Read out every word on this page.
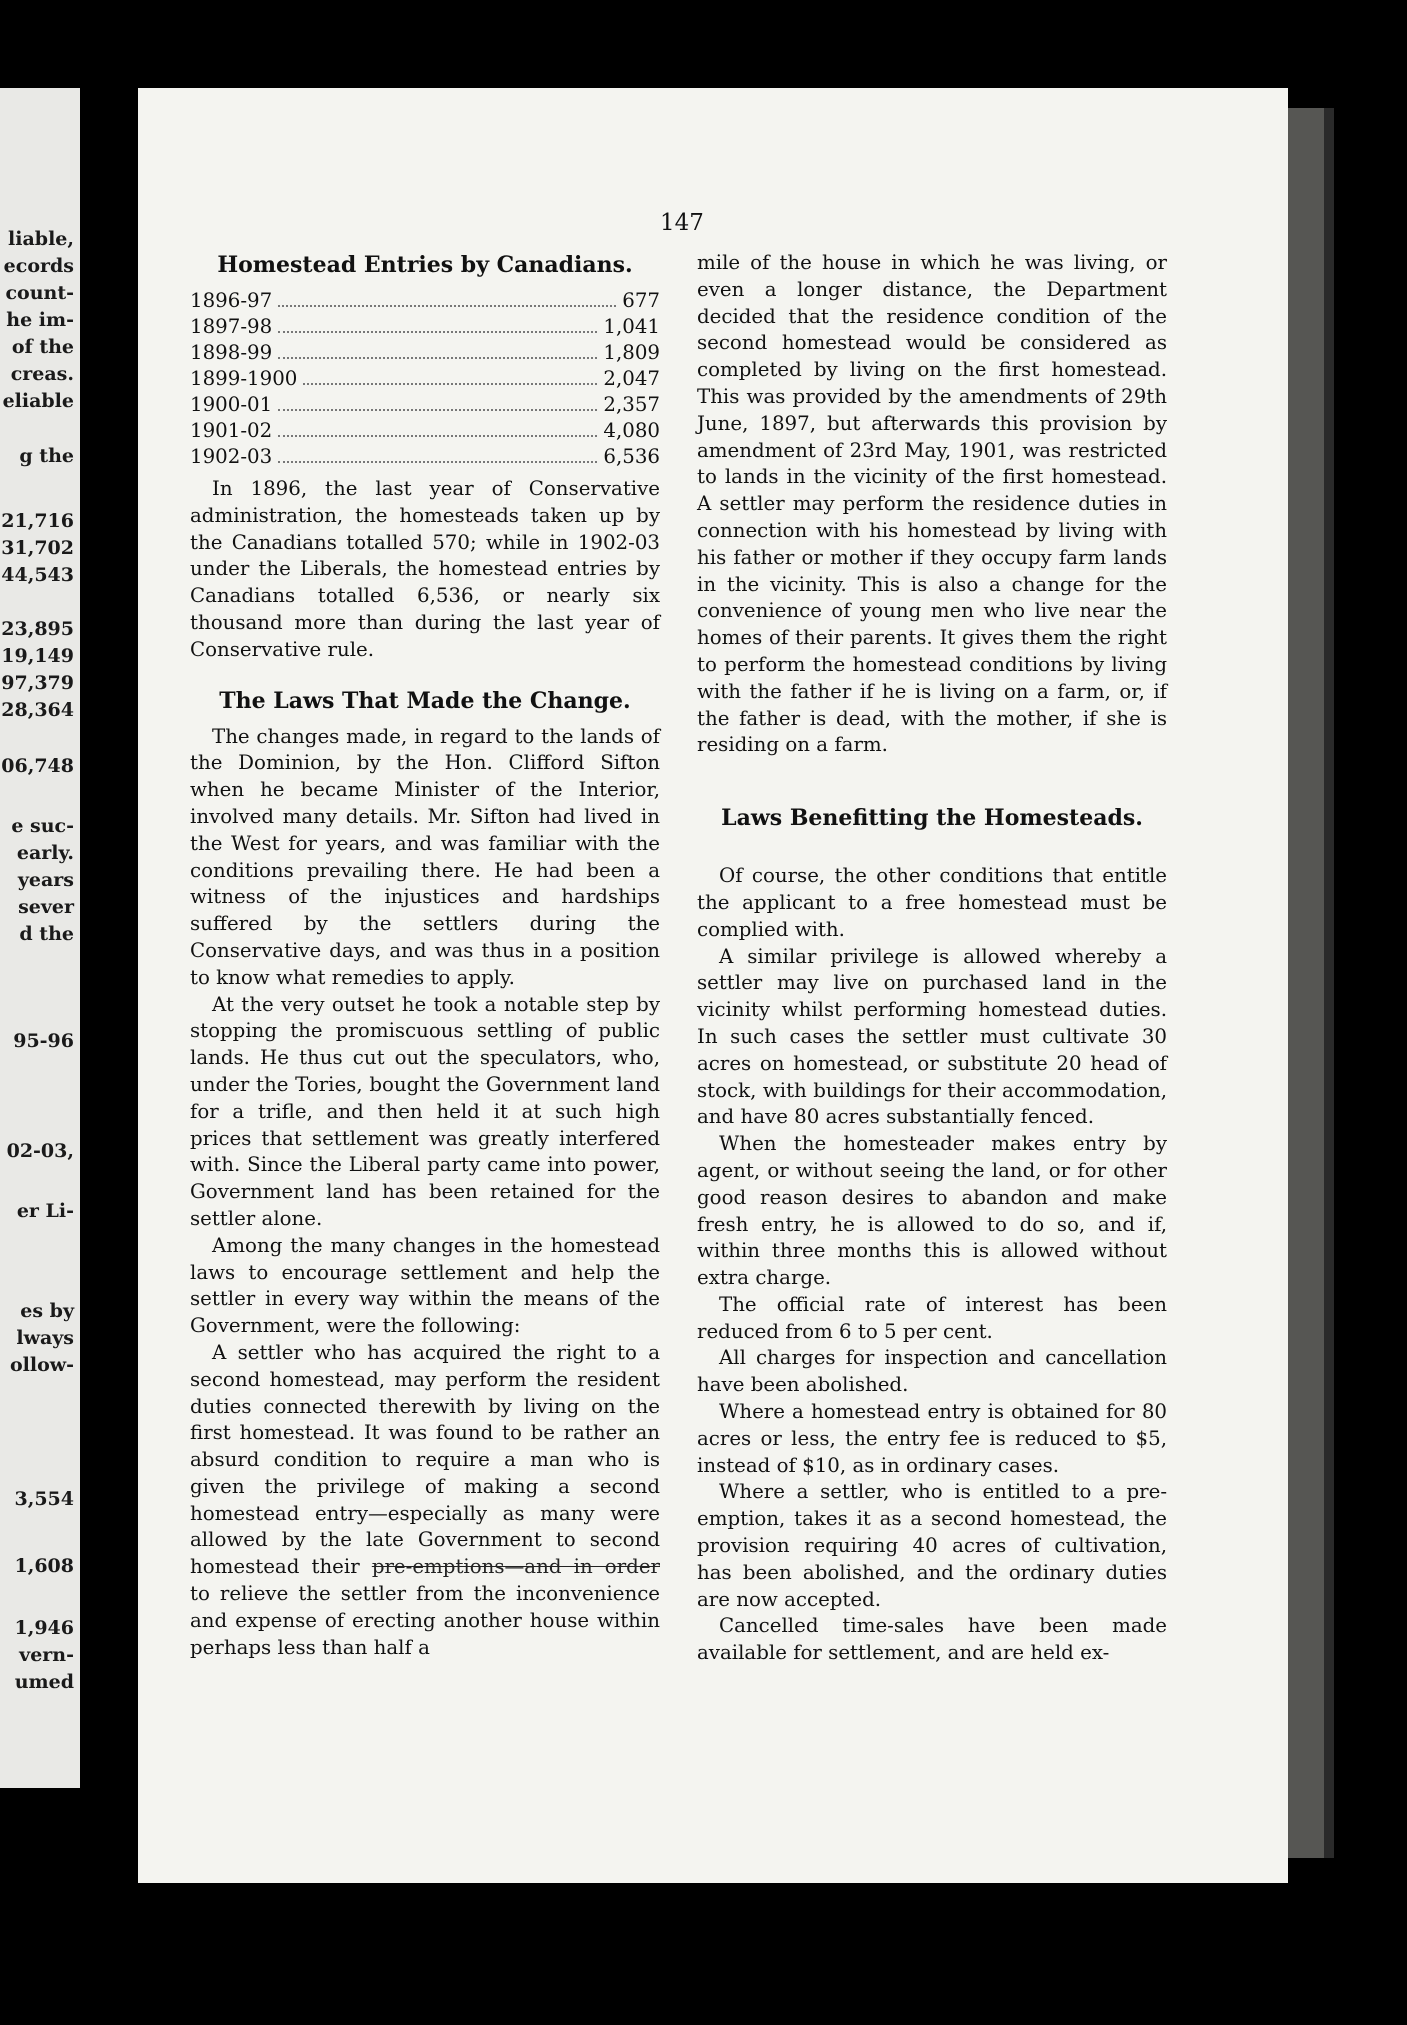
liable,
ecords
count-
he im-
of the
creas.
eliable
g the
21,716
31,702
44,543
23,895
19,149
97,379
28,364
06,748
e suc-
early.
years
sever
d the
95-96
02-03,
er Li-
es by
lways
ollow-
3,554
1,608
1,946
vern-
umed
147
Homestead Entries by Canadians.
1896-97	677
1897-98	1,041
1898-99	1,809
1899-1900	2,047
1900-01	2,357
1901-02	4,080
1902-03	6,536

In 1896, the last year of Conservative administration, the homesteads taken up by the Canadians totalled 570; while in 1902-03 under the Liberals, the homestead entries by Canadians totalled 6,536, or nearly six thousand more than during the last year of Conservative rule.

The Laws That Made the Change.

The changes made, in regard to the lands of the Dominion, by the Hon. Clifford Sifton when he became Minister of the Interior, involved many details. Mr. Sifton had lived in the West for years, and was familiar with the conditions prevailing there. He had been a witness of the injustices and hardships suffered by the settlers during the Conservative days, and was thus in a position to know what remedies to apply.

At the very outset he took a notable step by stopping the promiscuous settling of public lands. He thus cut out the speculators, who, under the Tories, bought the Government land for a trifle, and then held it at such high prices that settlement was greatly interfered with. Since the Liberal party came into power, Government land has been retained for the settler alone.

Among the many changes in the homestead laws to encourage settlement and help the settler in every way within the means of the Government, were the following:

A settler who has acquired the right to a second homestead, may perform the resident duties connected therewith by living on the first homestead. It was found to be rather an absurd condition to require a man who is given the privilege of making a second homestead entry—especially as many were allowed by the late Government to second homestead their pre-emptions—and in order to relieve the settler from the inconvenience and expense of erecting another house within perhaps less than half a

mile of the house in which he was living, or even a longer distance, the Department decided that the residence condition of the second homestead would be considered as completed by living on the first homestead. This was provided by the amendments of 29th June, 1897, but afterwards this provision by amendment of 23rd May, 1901, was restricted to lands in the vicinity of the first homestead. A settler may perform the residence duties in connection with his homestead by living with his father or mother if they occupy farm lands in the vicinity. This is also a change for the convenience of young men who live near the homes of their parents. It gives them the right to perform the homestead conditions by living with the father if he is living on a farm, or, if the father is dead, with the mother, if she is residing on a farm.

Laws Benefitting the Homesteads.

Of course, the other conditions that entitle the applicant to a free homestead must be complied with.

A similar privilege is allowed whereby a settler may live on purchased land in the vicinity whilst performing homestead duties. In such cases the settler must cultivate 30 acres on homestead, or substitute 20 head of stock, with buildings for their accommodation, and have 80 acres substantially fenced.

When the homesteader makes entry by agent, or without seeing the land, or for other good reason desires to abandon and make fresh entry, he is allowed to do so, and if, within three months this is allowed without extra charge.

The official rate of interest has been reduced from 6 to 5 per cent.

All charges for inspection and cancellation have been abolished.

Where a homestead entry is obtained for 80 acres or less, the entry fee is reduced to $5, instead of $10, as in ordinary cases.

Where a settler, who is entitled to a pre-emption, takes it as a second homestead, the provision requiring 40 acres of cultivation, has been abolished, and the ordinary duties are now accepted.

Cancelled time-sales have been made available for settlement, and are held ex-
